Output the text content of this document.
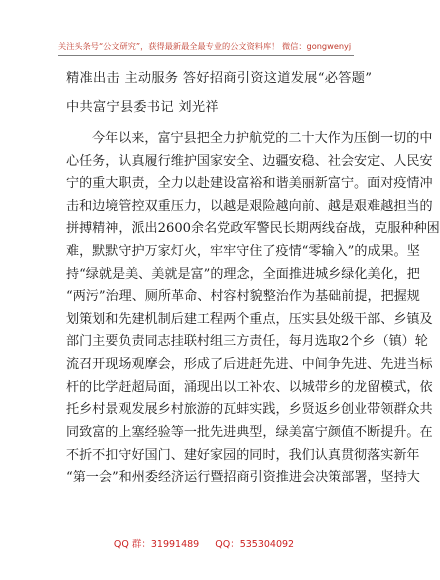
关注头条号“公文研究”，获得最新最全最专业的公文资料库！ 微信：gongwenyj
精准出击 主动服务 答好招商引资这道发展“必答题”
中共富宁县委书记 刘光祥
今年以来，富宁县把全力护航党的二十大作为压倒一切的中
心任务，认真履行维护国家安全、边疆安稳、社会安定、人民安
宁的重大职责，全力以赴建设富裕和谐美丽新富宁。面对疫情冲
击和边境管控双重压力，以越是艰险越向前、越是艰难越担当的
拼搏精神，派出2600余名党政军警民长期两线奋战，克服种种困
难，默默守护万家灯火，牢牢守住了疫情“零输入”的成果。坚
持“绿就是美、美就是富”的理念，全面推进城乡绿化美化，把
“两污”治理、厕所革命、村容村貌整治作为基础前提，把握规
划策划和先建机制后建工程两个重点，压实县处级干部、乡镇及
部门主要负责同志挂联村组三方责任，每月选取2个乡（镇）轮
流召开现场观摩会，形成了后进赶先进、中间争先进、先进当标
杆的比学赶超局面，涌现出以工补农、以城带乡的龙留模式，依
托乡村景观发展乡村旅游的瓦蚌实践，乡贤返乡创业带领群众共
同致富的上塞经验等一批先进典型，绿美富宁颜值不断提升。在
不折不扣守好国门、建好家园的同时，我们认真贯彻落实新年
“第一会”和州委经济运行暨招商引资推进会决策部署，坚持大
QQ 群：31991489 QQ：535304092
